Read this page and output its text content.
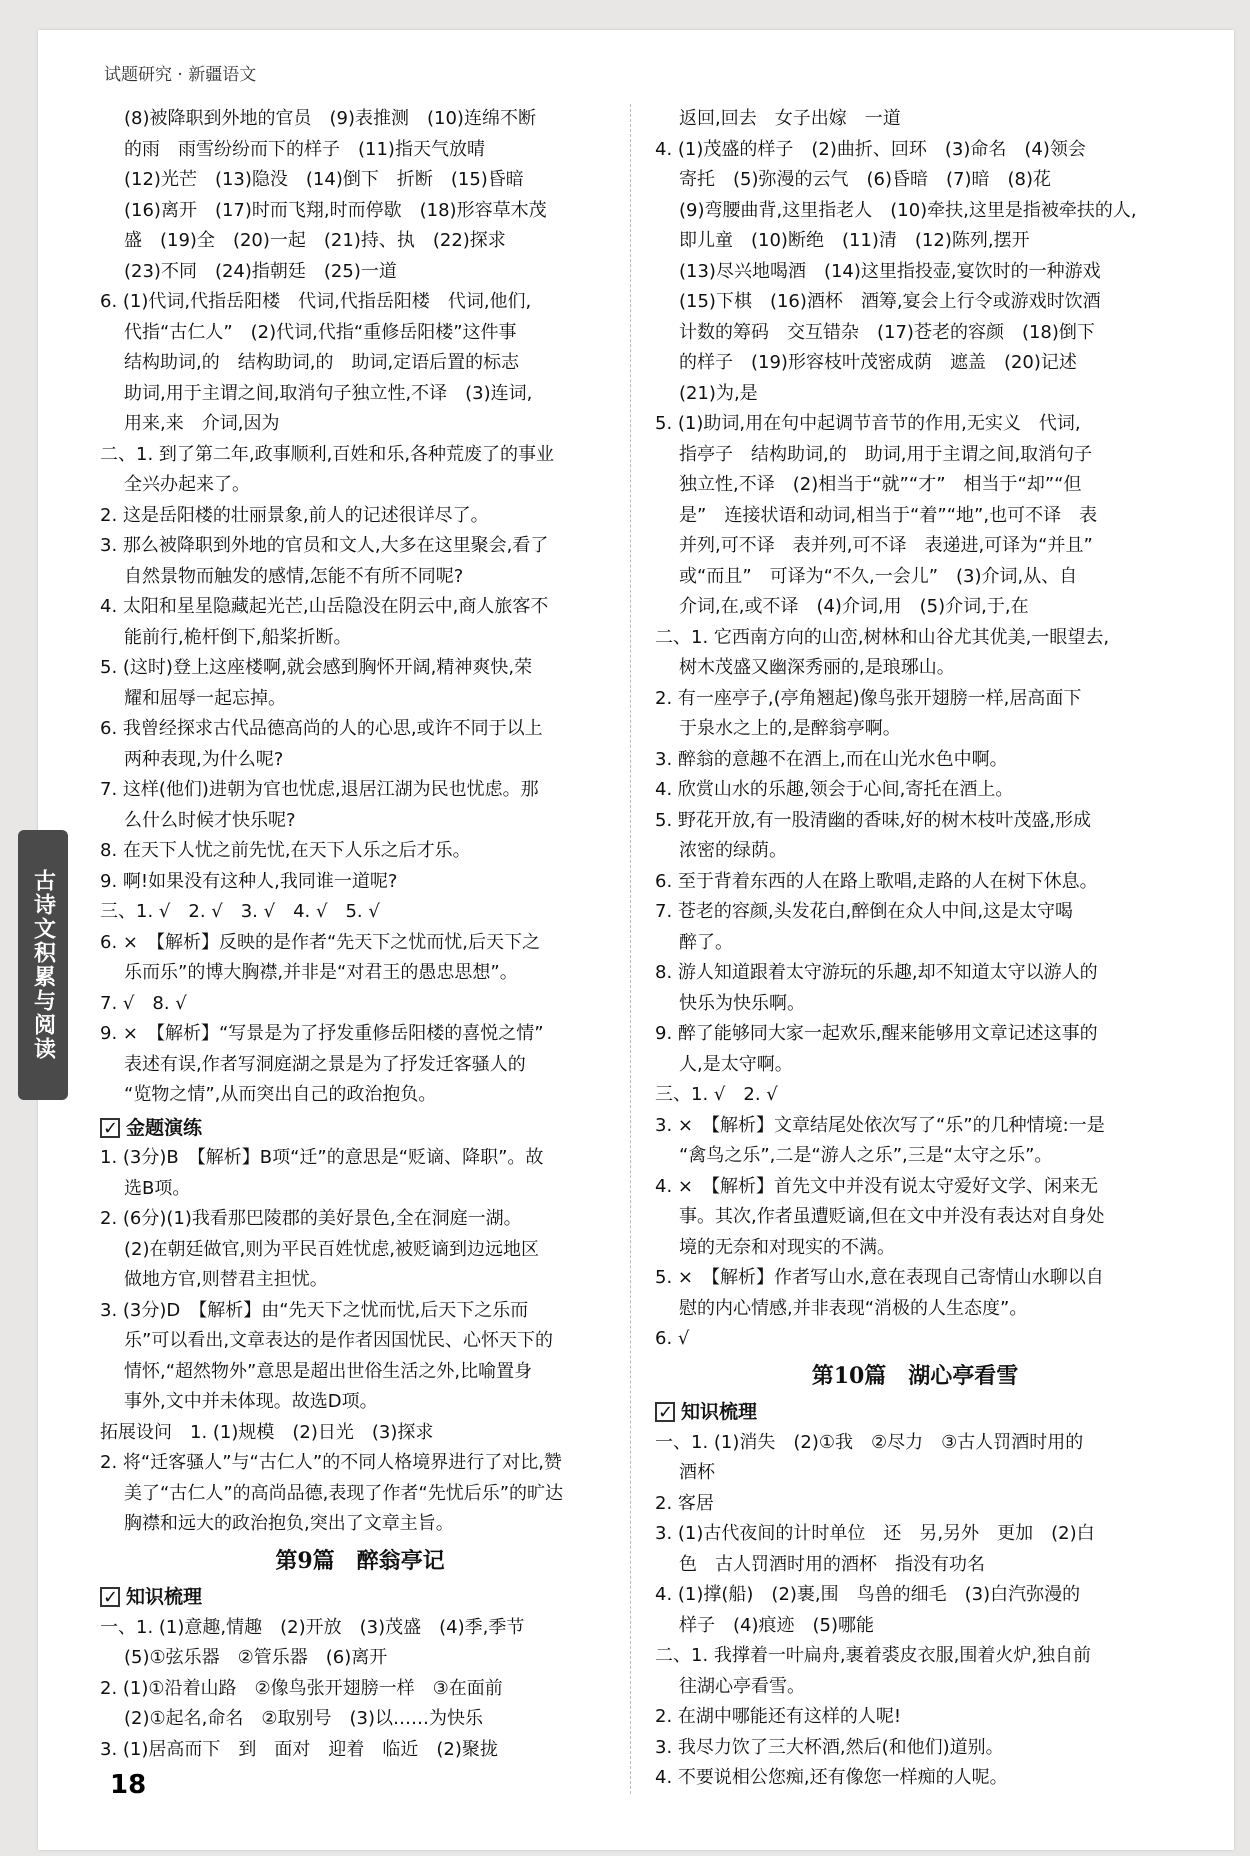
试题研究 · 新疆语文
古诗文积累与阅读
(8)被降职到外地的官员　(9)表推测　(10)连绵不断
的雨　雨雪纷纷而下的样子　(11)指天气放晴
(12)光芒　(13)隐没　(14)倒下　折断　(15)昏暗
(16)离开　(17)时而飞翔,时而停歇　(18)形容草木茂
盛　(19)全　(20)一起　(21)持、执　(22)探求
(23)不同　(24)指朝廷　(25)一道
6. (1)代词,代指岳阳楼　代词,代指岳阳楼　代词,他们,
代指“古仁人”　(2)代词,代指“重修岳阳楼”这件事
结构助词,的　结构助词,的　助词,定语后置的标志
助词,用于主谓之间,取消句子独立性,不译　(3)连词,
用来,来　介词,因为
二、1. 到了第二年,政事顺利,百姓和乐,各种荒废了的事业
全兴办起来了。
2. 这是岳阳楼的壮丽景象,前人的记述很详尽了。
3. 那么被降职到外地的官员和文人,大多在这里聚会,看了
自然景物而触发的感情,怎能不有所不同呢?
4. 太阳和星星隐藏起光芒,山岳隐没在阴云中,商人旅客不
能前行,桅杆倒下,船桨折断。
5. (这时)登上这座楼啊,就会感到胸怀开阔,精神爽快,荣
耀和屈辱一起忘掉。
6. 我曾经探求古代品德高尚的人的心思,或许不同于以上
两种表现,为什么呢?
7. 这样(他们)进朝为官也忧虑,退居江湖为民也忧虑。那
么什么时候才快乐呢?
8. 在天下人忧之前先忧,在天下人乐之后才乐。
9. 啊!如果没有这种人,我同谁一道呢?
三、1. √　2. √　3. √　4. √　5. √
6. ×　【解析】反映的是作者“先天下之忧而忧,后天下之
乐而乐”的博大胸襟,并非是“对君王的愚忠思想”。
7. √　8. √
9. ×　【解析】“写景是为了抒发重修岳阳楼的喜悦之情”
表述有误,作者写洞庭湖之景是为了抒发迁客骚人的
“览物之情”,从而突出自己的政治抱负。
✓
金题演练
1. (3分)B　【解析】B项“迁”的意思是“贬谪、降职”。故
选B项。
2. (6分)(1)我看那巴陵郡的美好景色,全在洞庭一湖。
(2)在朝廷做官,则为平民百姓忧虑,被贬谪到边远地区
做地方官,则替君主担忧。
3. (3分)D　【解析】由“先天下之忧而忧,后天下之乐而
乐”可以看出,文章表达的是作者因国忧民、心怀天下的
情怀,“超然物外”意思是超出世俗生活之外,比喻置身
事外,文中并未体现。故选D项。
拓展设问　1. (1)规模　(2)日光　(3)探求
2. 将“迁客骚人”与“古仁人”的不同人格境界进行了对比,赞
美了“古仁人”的高尚品德,表现了作者“先忧后乐”的旷达
胸襟和远大的政治抱负,突出了文章主旨。
第9篇　醉翁亭记
✓
知识梳理
一、1. (1)意趣,情趣　(2)开放　(3)茂盛　(4)季,季节
(5)①弦乐器　②管乐器　(6)离开
2. (1)①沿着山路　②像鸟张开翅膀一样　③在面前
(2)①起名,命名　②取别号　(3)以……为快乐
3. (1)居高而下　到　面对　迎着　临近　(2)聚拢
返回,回去　女子出嫁　一道
4. (1)茂盛的样子　(2)曲折、回环　(3)命名　(4)领会
寄托　(5)弥漫的云气　(6)昏暗　(7)暗　(8)花
(9)弯腰曲背,这里指老人　(10)牵扶,这里是指被牵扶的人,
即儿童　(10)断绝　(11)清　(12)陈列,摆开
(13)尽兴地喝酒　(14)这里指投壶,宴饮时的一种游戏
(15)下棋　(16)酒杯　酒筹,宴会上行令或游戏时饮酒
计数的筹码　交互错杂　(17)苍老的容颜　(18)倒下
的样子　(19)形容枝叶茂密成荫　遮盖　(20)记述
(21)为,是
5. (1)助词,用在句中起调节音节的作用,无实义　代词,
指亭子　结构助词,的　助词,用于主谓之间,取消句子
独立性,不译　(2)相当于“就”“才”　相当于“却”“但
是”　连接状语和动词,相当于“着”“地”,也可不译　表
并列,可不译　表并列,可不译　表递进,可译为“并且”
或“而且”　可译为“不久,一会儿”　(3)介词,从、自
介词,在,或不译　(4)介词,用　(5)介词,于,在
二、1. 它西南方向的山峦,树林和山谷尤其优美,一眼望去,
树木茂盛又幽深秀丽的,是琅琊山。
2. 有一座亭子,(亭角翘起)像鸟张开翅膀一样,居高面下
于泉水之上的,是醉翁亭啊。
3. 醉翁的意趣不在酒上,而在山光水色中啊。
4. 欣赏山水的乐趣,领会于心间,寄托在酒上。
5. 野花开放,有一股清幽的香味,好的树木枝叶茂盛,形成
浓密的绿荫。
6. 至于背着东西的人在路上歌唱,走路的人在树下休息。
7. 苍老的容颜,头发花白,醉倒在众人中间,这是太守喝
醉了。
8. 游人知道跟着太守游玩的乐趣,却不知道太守以游人的
快乐为快乐啊。
9. 醉了能够同大家一起欢乐,醒来能够用文章记述这事的
人,是太守啊。
三、1. √　2. √
3. ×　【解析】文章结尾处依次写了“乐”的几种情境:一是
“禽鸟之乐”,二是“游人之乐”,三是“太守之乐”。
4. ×　【解析】首先文中并没有说太守爱好文学、闲来无
事。其次,作者虽遭贬谪,但在文中并没有表达对自身处
境的无奈和对现实的不满。
5. ×　【解析】作者写山水,意在表现自己寄情山水聊以自
慰的内心情感,并非表现“消极的人生态度”。
6. √
第10篇　湖心亭看雪
✓
知识梳理
一、1. (1)消失　(2)①我　②尽力　③古人罚酒时用的
酒杯
2. 客居
3. (1)古代夜间的计时单位　还　另,另外　更加　(2)白
色　古人罚酒时用的酒杯　指没有功名
4. (1)撑(船)　(2)裹,围　鸟兽的细毛　(3)白汽弥漫的
样子　(4)痕迹　(5)哪能
二、1. 我撑着一叶扁舟,裹着裘皮衣服,围着火炉,独自前
往湖心亭看雪。
2. 在湖中哪能还有这样的人呢!
3. 我尽力饮了三大杯酒,然后(和他们)道别。
4. 不要说相公您痴,还有像您一样痴的人呢。
18
